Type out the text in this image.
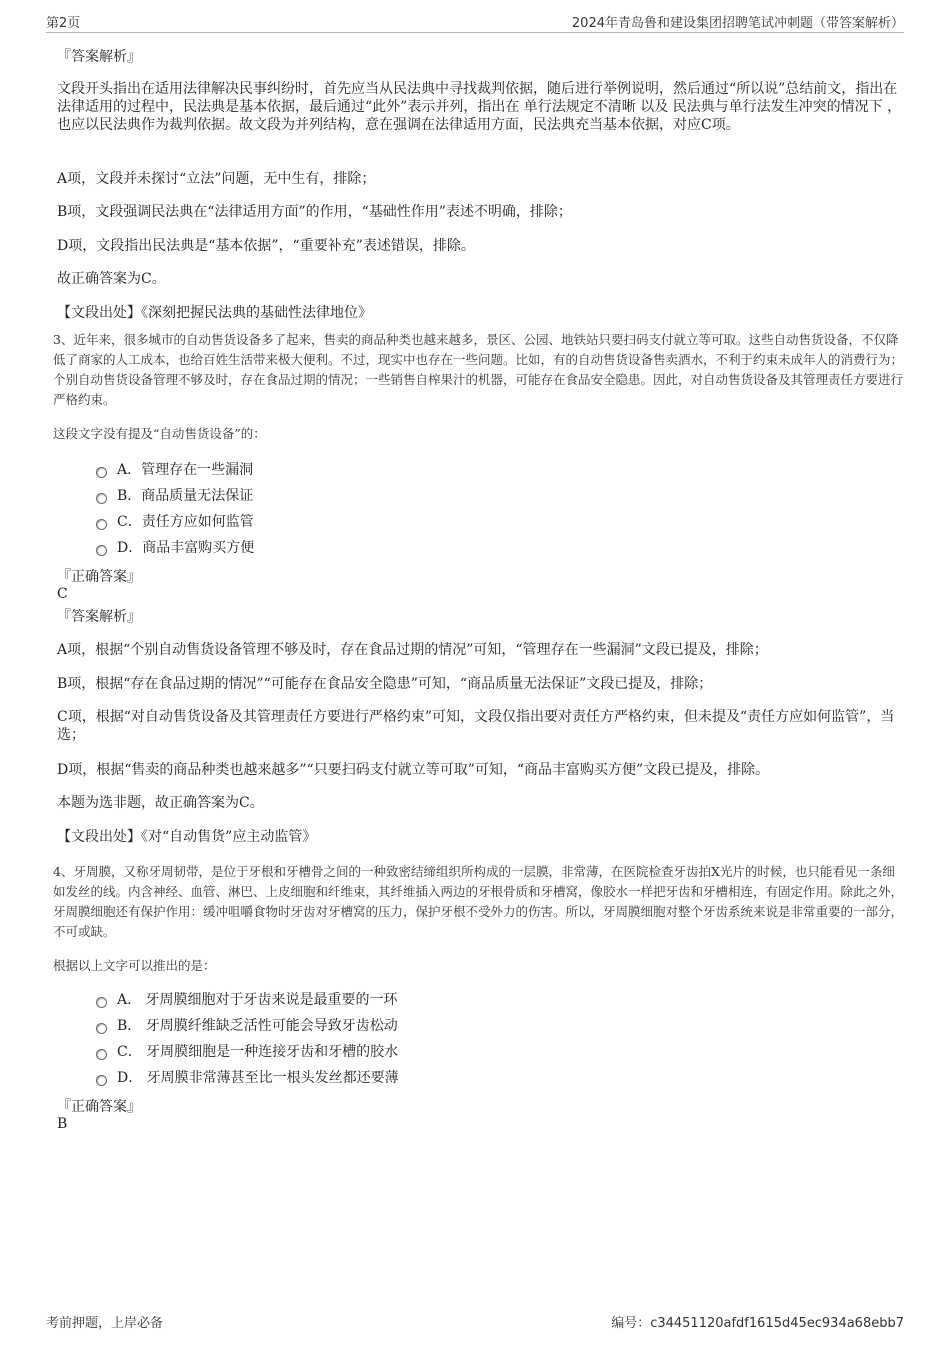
第2页	2024年青岛鲁和建设集团招聘笔试冲刺题（带答案解析）
『答案解析』
文段开头指出在适用法律解决民事纠纷时，首先应当从民法典中寻找裁判依据，随后进行举例说明，然后通过“所以说”总结前文，指出在法律适用的过程中，民法典是基本依据，最后通过“此外”表示并列，指出在 单行法规定不清晰 以及 民法典与单行法发生冲突的情况下 ，也应以民法典作为裁判依据。故文段为并列结构，意在强调在法律适用方面，民法典充当基本依据，对应C项。
A项，文段并未探讨“立法”问题，无中生有，排除；
B项，文段强调民法典在“法律适用方面”的作用，“基础性作用”表述不明确，排除；
D项，文段指出民法典是“基本依据”，“重要补充”表述错误，排除。
故正确答案为C。
【文段出处】《深刻把握民法典的基础性法律地位》
3、近年来，很多城市的自动售货设备多了起来，售卖的商品种类也越来越多，景区、公园、地铁站只要扫码支付就立等可取。这些自动售货设备，不仅降低了商家的人工成本，也给百姓生活带来极大便利。不过，现实中也存在一些问题。比如，有的自动售货设备售卖酒水，不利于约束未成年人的消费行为；个别自动售货设备管理不够及时，存在食品过期的情况；一些销售自榨果汁的机器，可能存在食品安全隐患。因此，对自动售货设备及其管理责任方要进行严格约束。
这段文字没有提及“自动售货设备”的：
A．管理存在一些漏洞
B．商品质量无法保证
C．责任方应如何监管
D．商品丰富购买方便
『正确答案』
C
『答案解析』
A项，根据“个别自动售货设备管理不够及时，存在食品过期的情况”可知，“管理存在一些漏洞”文段已提及，排除；
B项，根据“存在食品过期的情况”“可能存在食品安全隐患”可知，“商品质量无法保证”文段已提及，排除；
C项，根据“对自动售货设备及其管理责任方要进行严格约束”可知，文段仅指出要对责任方严格约束，但未提及“责任方应如何监管”，当选；
D项，根据“售卖的商品种类也越来越多”“只要扫码支付就立等可取”可知，“商品丰富购买方便”文段已提及，排除。
本题为选非题，故正确答案为C。
【文段出处】《对“自动售货”应主动监管》
4、牙周膜，又称牙周韧带，是位于牙根和牙槽骨之间的一种致密结缔组织所构成的一层膜，非常薄，在医院检查牙齿拍X光片的时候，也只能看见一条细如发丝的线。内含神经、血管、淋巴、上皮细胞和纤维束，其纤维插入两边的牙根骨质和牙槽窝，像胶水一样把牙齿和牙槽相连，有固定作用。除此之外，牙周膜细胞还有保护作用：缓冲咀嚼食物时牙齿对牙槽窝的压力，保护牙根不受外力的伤害。所以，牙周膜细胞对整个牙齿系统来说是非常重要的一部分，不可或缺。
根据以上文字可以推出的是：
A． 牙周膜细胞对于牙齿来说是最重要的一环
B． 牙周膜纤维缺乏活性可能会导致牙齿松动
C． 牙周膜细胞是一种连接牙齿和牙槽的胶水
D． 牙周膜非常薄甚至比一根头发丝都还要薄
『正确答案』
B
考前押题，上岸必备	编号：c34451120afdf1615d45ec934a68ebb7
